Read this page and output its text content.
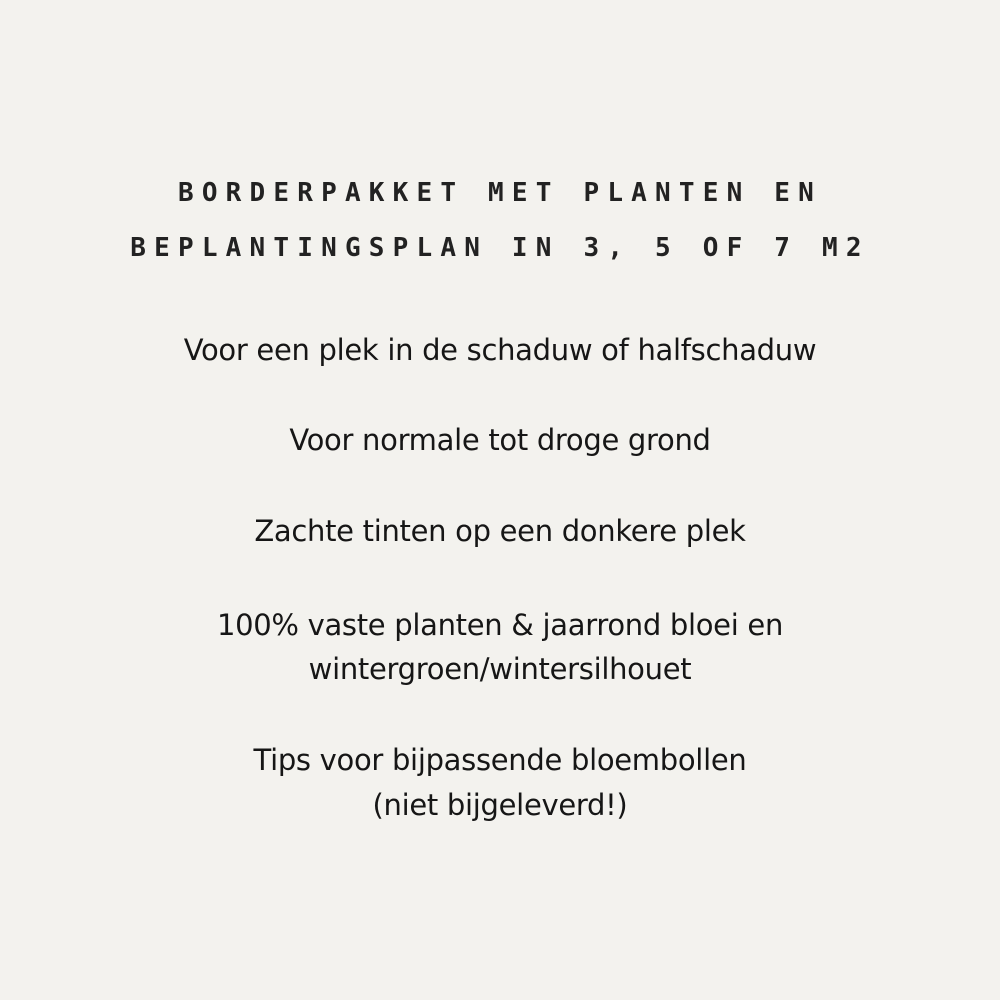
BORDERPAKKET MET PLANTEN EN
BEPLANTINGSPLAN IN 3, 5 OF 7 M2
Voor een plek in de schaduw of halfschaduw
Voor normale tot droge grond
Zachte tinten op een donkere plek
100% vaste planten & jaarrond bloei en
wintergroen/wintersilhouet
Tips voor bijpassende bloembollen
(niet bijgeleverd!)
